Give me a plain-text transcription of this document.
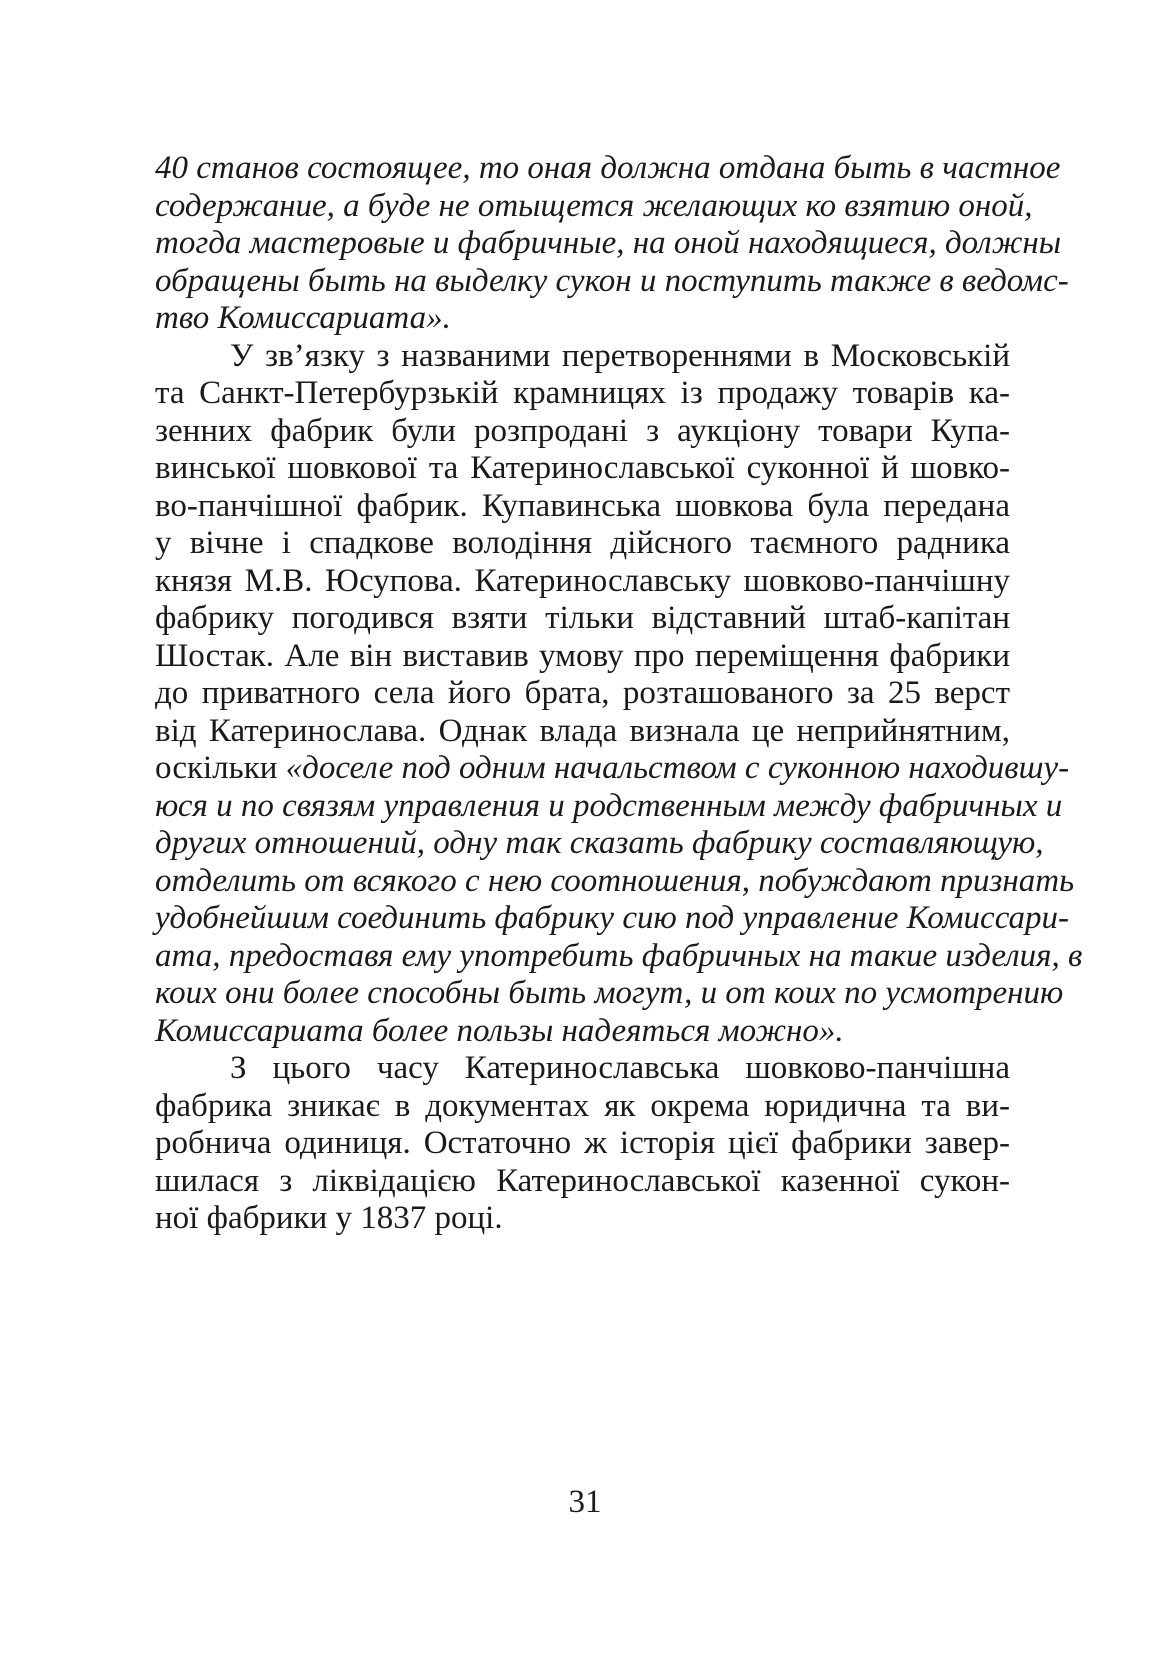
40 станов состоящее, то оная должна отдана быть в частное
содержание, а буде не отыщется желающих ко взятию оной,
тогда мастеровые и фабричные, на оной находящиеся, должны
обращены быть на выделку сукон и поступить также в ведомс-
тво Комиссариата».

У зв’язку з названими перетвореннями в Московській
та Санкт-Петербурзькій крамницях із продажу товарів ка-
зенних фабрик були розпродані з аукціону товари Купа-
винської шовкової та Катеринославської суконної й шовко-
во-панчішної фабрик. Купавинська шовкова була передана
у вічне і спадкове володіння дійсного таємного радника
князя М.В. Юсупова. Катеринославську шовково-панчішну
фабрику погодився взяти тільки відставний штаб-капітан
Шостак. Але він виставив умову про переміщення фабрики
до приватного села його брата, розташованого за 25 верст
від Катеринослава. Однак влада визнала це неприйнятним,
оскільки «доселе под одним начальством с суконною находившу-
юся и по связям управления и родственным между фабричных и
других отношений, одну так сказать фабрику составляющую,
отделить от всякого с нею соотношения, побуждают признать
удобнейшим соединить фабрику сию под управление Комиссари-
ата, предоставя ему употребить фабричных на такие изделия, в
коих они более способны быть могут, и от коих по усмотрению
Комиссариата более пользы надеяться можно».

З цього часу Катеринославська шовково-панчішна
фабрика зникає в документах як окрема юридична та ви-
робнича одиниця. Остаточно ж історія цієї фабрики завер-
шилася з ліквідацією Катеринославської казенної сукон-
ної фабрики у 1837 році.

31
